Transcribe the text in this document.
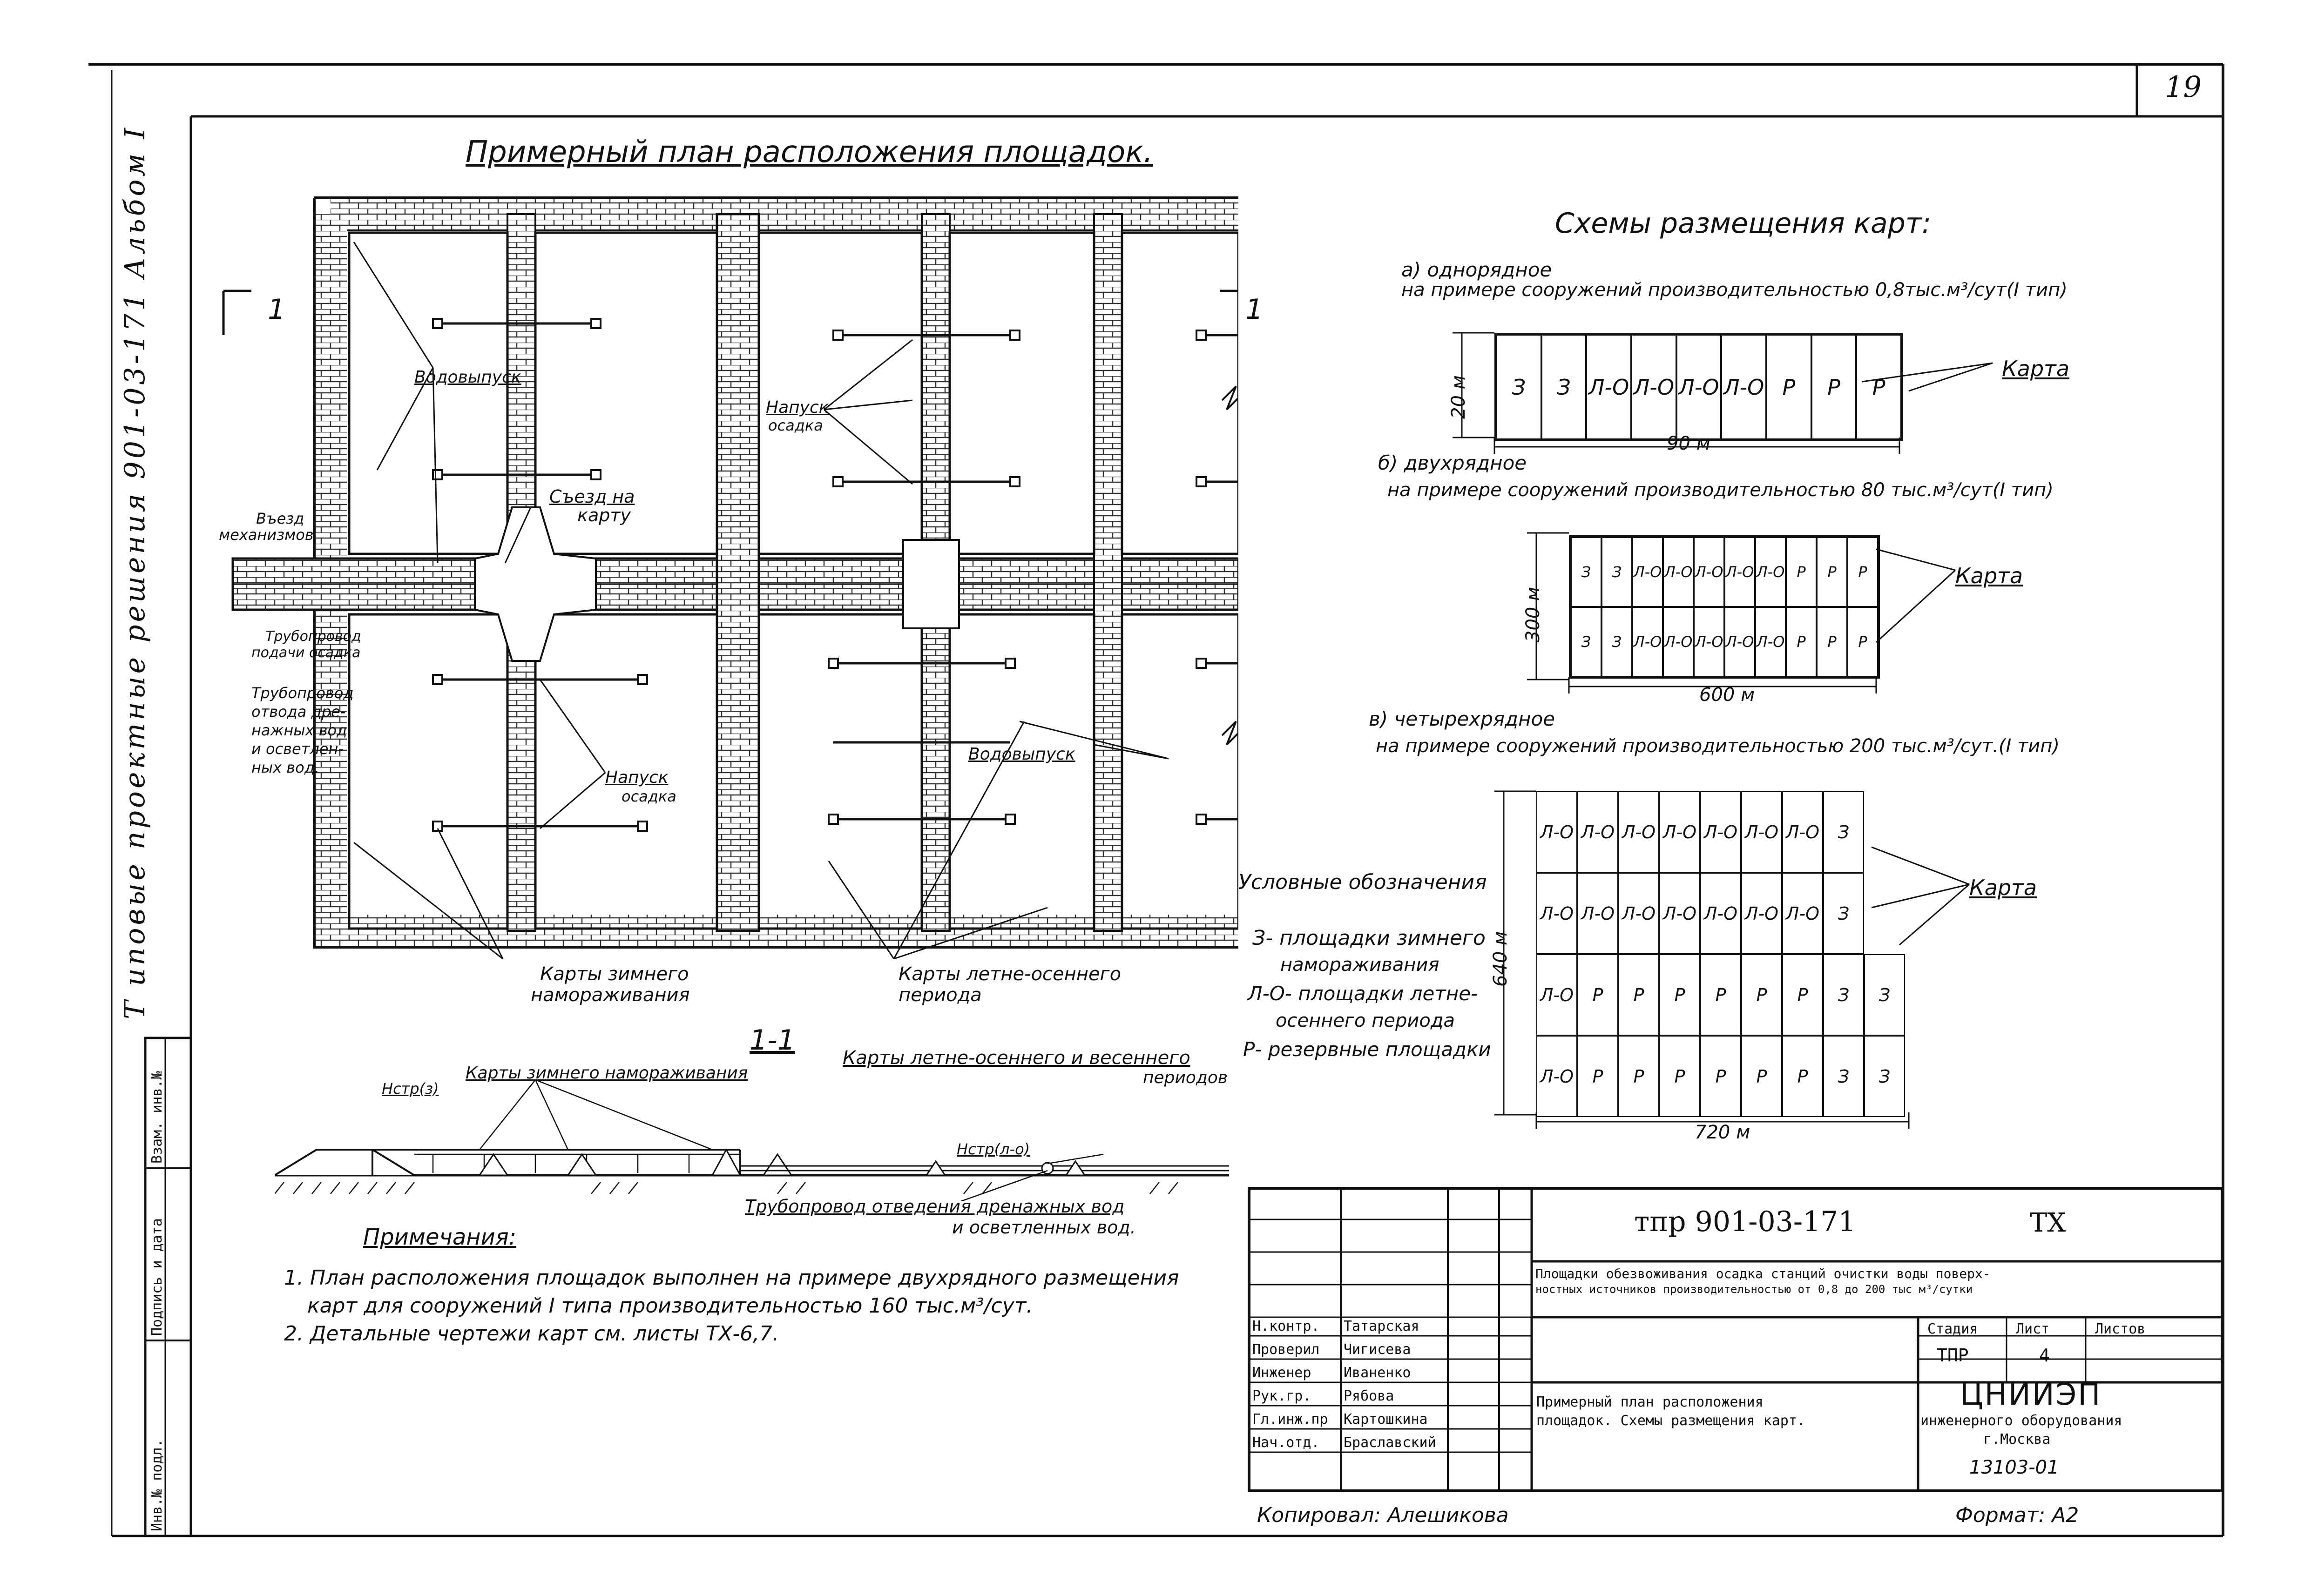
19
Т иповые проектные решения 901-03-171 Альбом I
Инв.№ подл.
Подпись и дата
Взам. инв.№
Примерный план расположения площадок.
1	1
Водовыпуск
Напуск
осадка
Съезд на
карту
Въезд
механизмов
Трубопровод
подачи осадка
Трубопровод
отвода дре-
нажных вод
и осветлен-
ных вод.
Напуск
осадка
Водовыпуск
Карты зимнего
намораживания
Карты летне-осеннего
периода
1-1
Карты зимнего намораживания
Карты летне-осеннего и весеннего
периодов
Нстр(з)
Нстр(л-о)
Трубопровод отведения дренажных вод
и осветленных вод.
Примечания:
1. План расположения площадок выполнен на примере двухрядного размещения
карт для сооружений I типа производительностью 160 тыс.м³/сут.
2. Детальные чертежи карт см. листы ТХ-6,7.
Схемы размещения карт:
а) однорядное
на примере сооружений производительностью 0,8тыс.м³/сут(I тип)
З	З Л-О Л-О Л-О Л-О Р	Р	Р
20 м
90 м
Карта
б) двухрядное
на примере сооружений производительностью 80 тыс.м³/сут(I тип)
З	З Л-О Л-О Л-О Л-О Л-О Р	Р	Р
З	З Л-О Л-О Л-О Л-О Л-О Р	Р	Р
300 м
600 м
Карта
в) четырехрядное
на примере сооружений производительностью 200 тыс.м³/сут.(I тип)
Л-О Л-О Л-О Л-О Л-О Л-О Л-О	З
Л-О Л-О Л-О Л-О Л-О Л-О Л-О	З
Л-О	Р	Р	Р	Р	Р	Р	З	З
Л-О	Р	Р	Р	Р	Р	Р	З	З
640 м
720 м
Карта
Условные обозначения
З- площадки зимнего
намораживания
Л-О- площадки летне-
осеннего периода
Р- резервные площадки
тпр 901-03-171	ТХ
Площадки обезвоживания осадка станций очистки воды поверх-
ностных источников производительностью от 0,8 до 200 тыс м³/сутки
Стадия	Лист	Листов
ТПР	4
Примерный план расположения
площадок. Схемы размещения карт.
ЦНИИЭП
инженерного оборудования
г.Москва
13103-01
Н.контр. Татарская
Проверил Чигисева
Инженер Иваненко
Рук.гр. Рябова
Гл.инж.пр Картошкина
Нач.отд. Браславский
Копировал: Алешикова	Формат: А2
